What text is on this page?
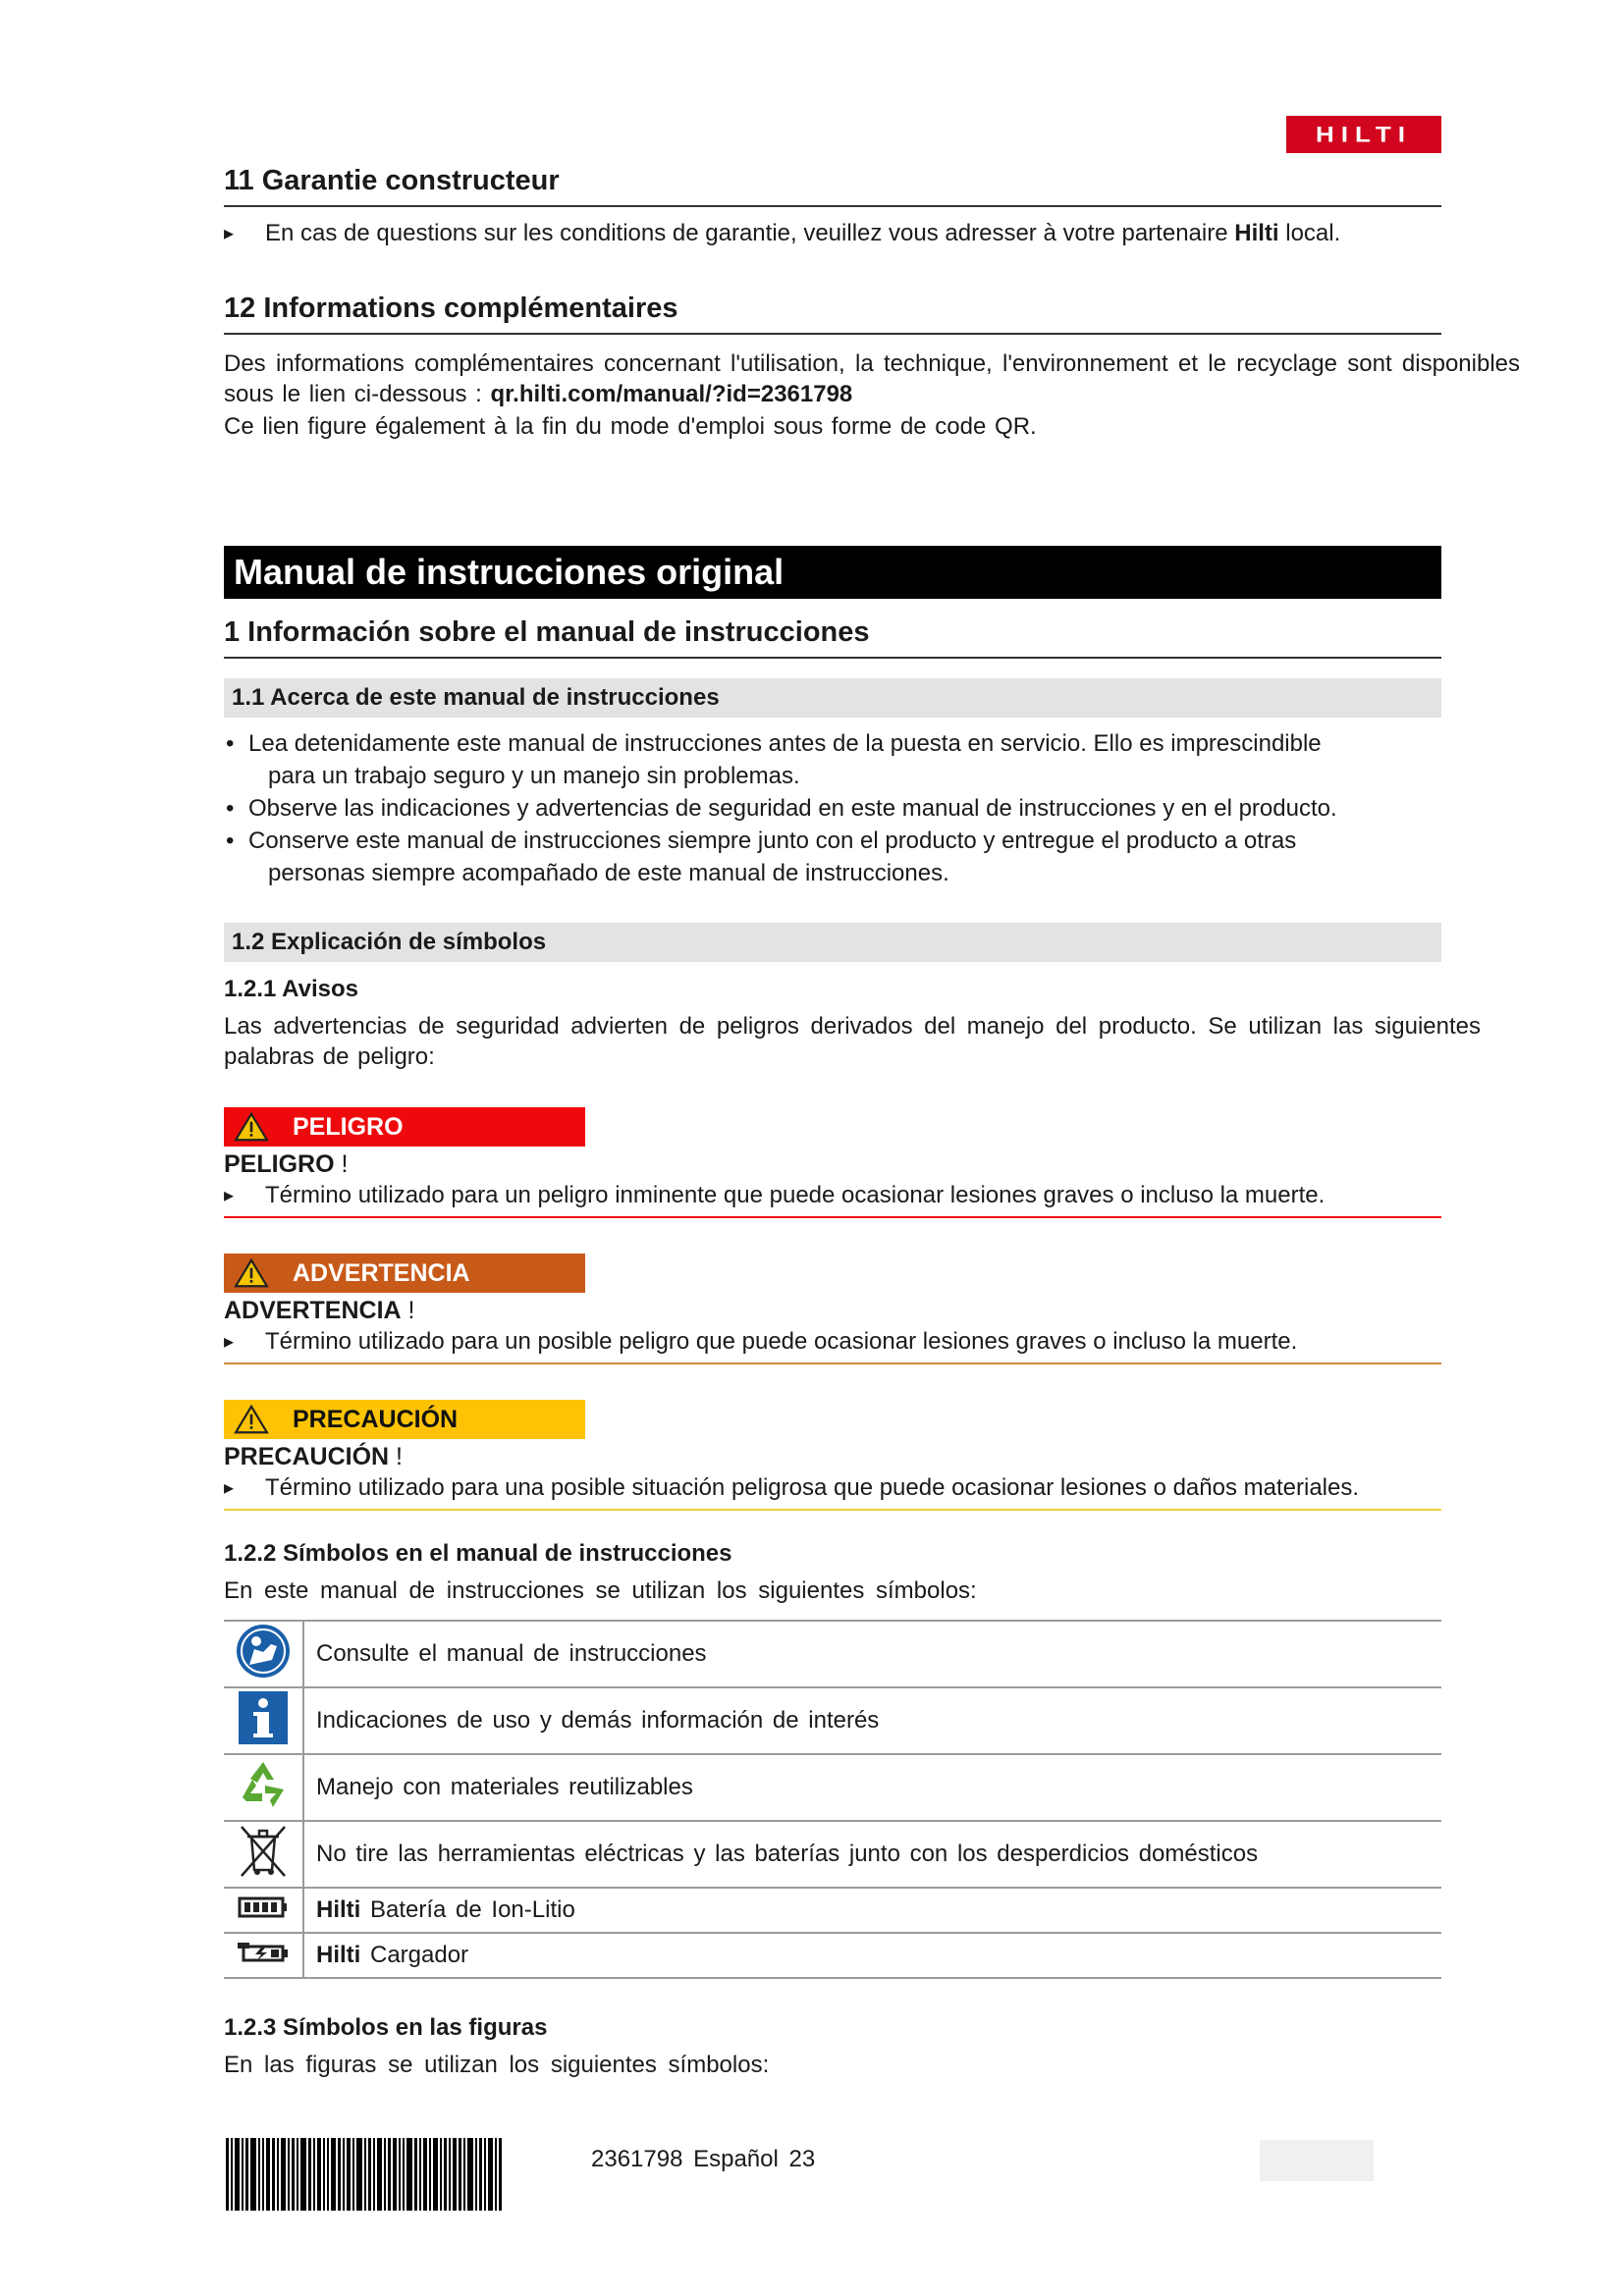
HILTI
11 Garantie constructeur
▸ En cas de questions sur les conditions de garantie, veuillez vous adresser à votre partenaire Hilti local.
12 Informations complémentaires

Des informations complémentaires concernant l'utilisation, la technique, l'environnement et le recyclage sont disponibles sous le lien ci-dessous : qr.hilti.com/manual/?id=2361798

Ce lien figure également à la fin du mode d'emploi sous forme de code QR.

Manual de instrucciones original
1 Información sobre el manual de instrucciones
1.1 Acerca de este manual de instrucciones
• Lea detenidamente este manual de instrucciones antes de la puesta en servicio. Ello es imprescindible
para un trabajo seguro y un manejo sin problemas.
• Observe las indicaciones y advertencias de seguridad en este manual de instrucciones y en el producto.
• Conserve este manual de instrucciones siempre junto con el producto y entregue el producto a otras
personas siempre acompañado de este manual de instrucciones.
1.2 Explicación de símbolos
1.2.1 Avisos

Las advertencias de seguridad advierten de peligros derivados del manejo del producto. Se utilizan las siguientes palabras de peligro:

PELIGRO
PELIGRO !
▸ Término utilizado para un peligro inminente que puede ocasionar lesiones graves o incluso la muerte.
ADVERTENCIA
ADVERTENCIA !
▸ Término utilizado para un posible peligro que puede ocasionar lesiones graves o incluso la muerte.
PRECAUCIÓN
PRECAUCIÓN !
▸ Término utilizado para una posible situación peligrosa que puede ocasionar lesiones o daños materiales.
1.2.2 Símbolos en el manual de instrucciones

En este manual de instrucciones se utilizan los siguientes símbolos:

	Consulte el manual de instrucciones
	Indicaciones de uso y demás información de interés
	Manejo con materiales reutilizables
	No tire las herramientas eléctricas y las baterías junto con los desperdicios domésticos
	Hilti Batería de Ion-Litio
	Hilti Cargador
1.2.3 Símbolos en las figuras

En las figuras se utilizan los siguientes símbolos:

2361798 Español 23
